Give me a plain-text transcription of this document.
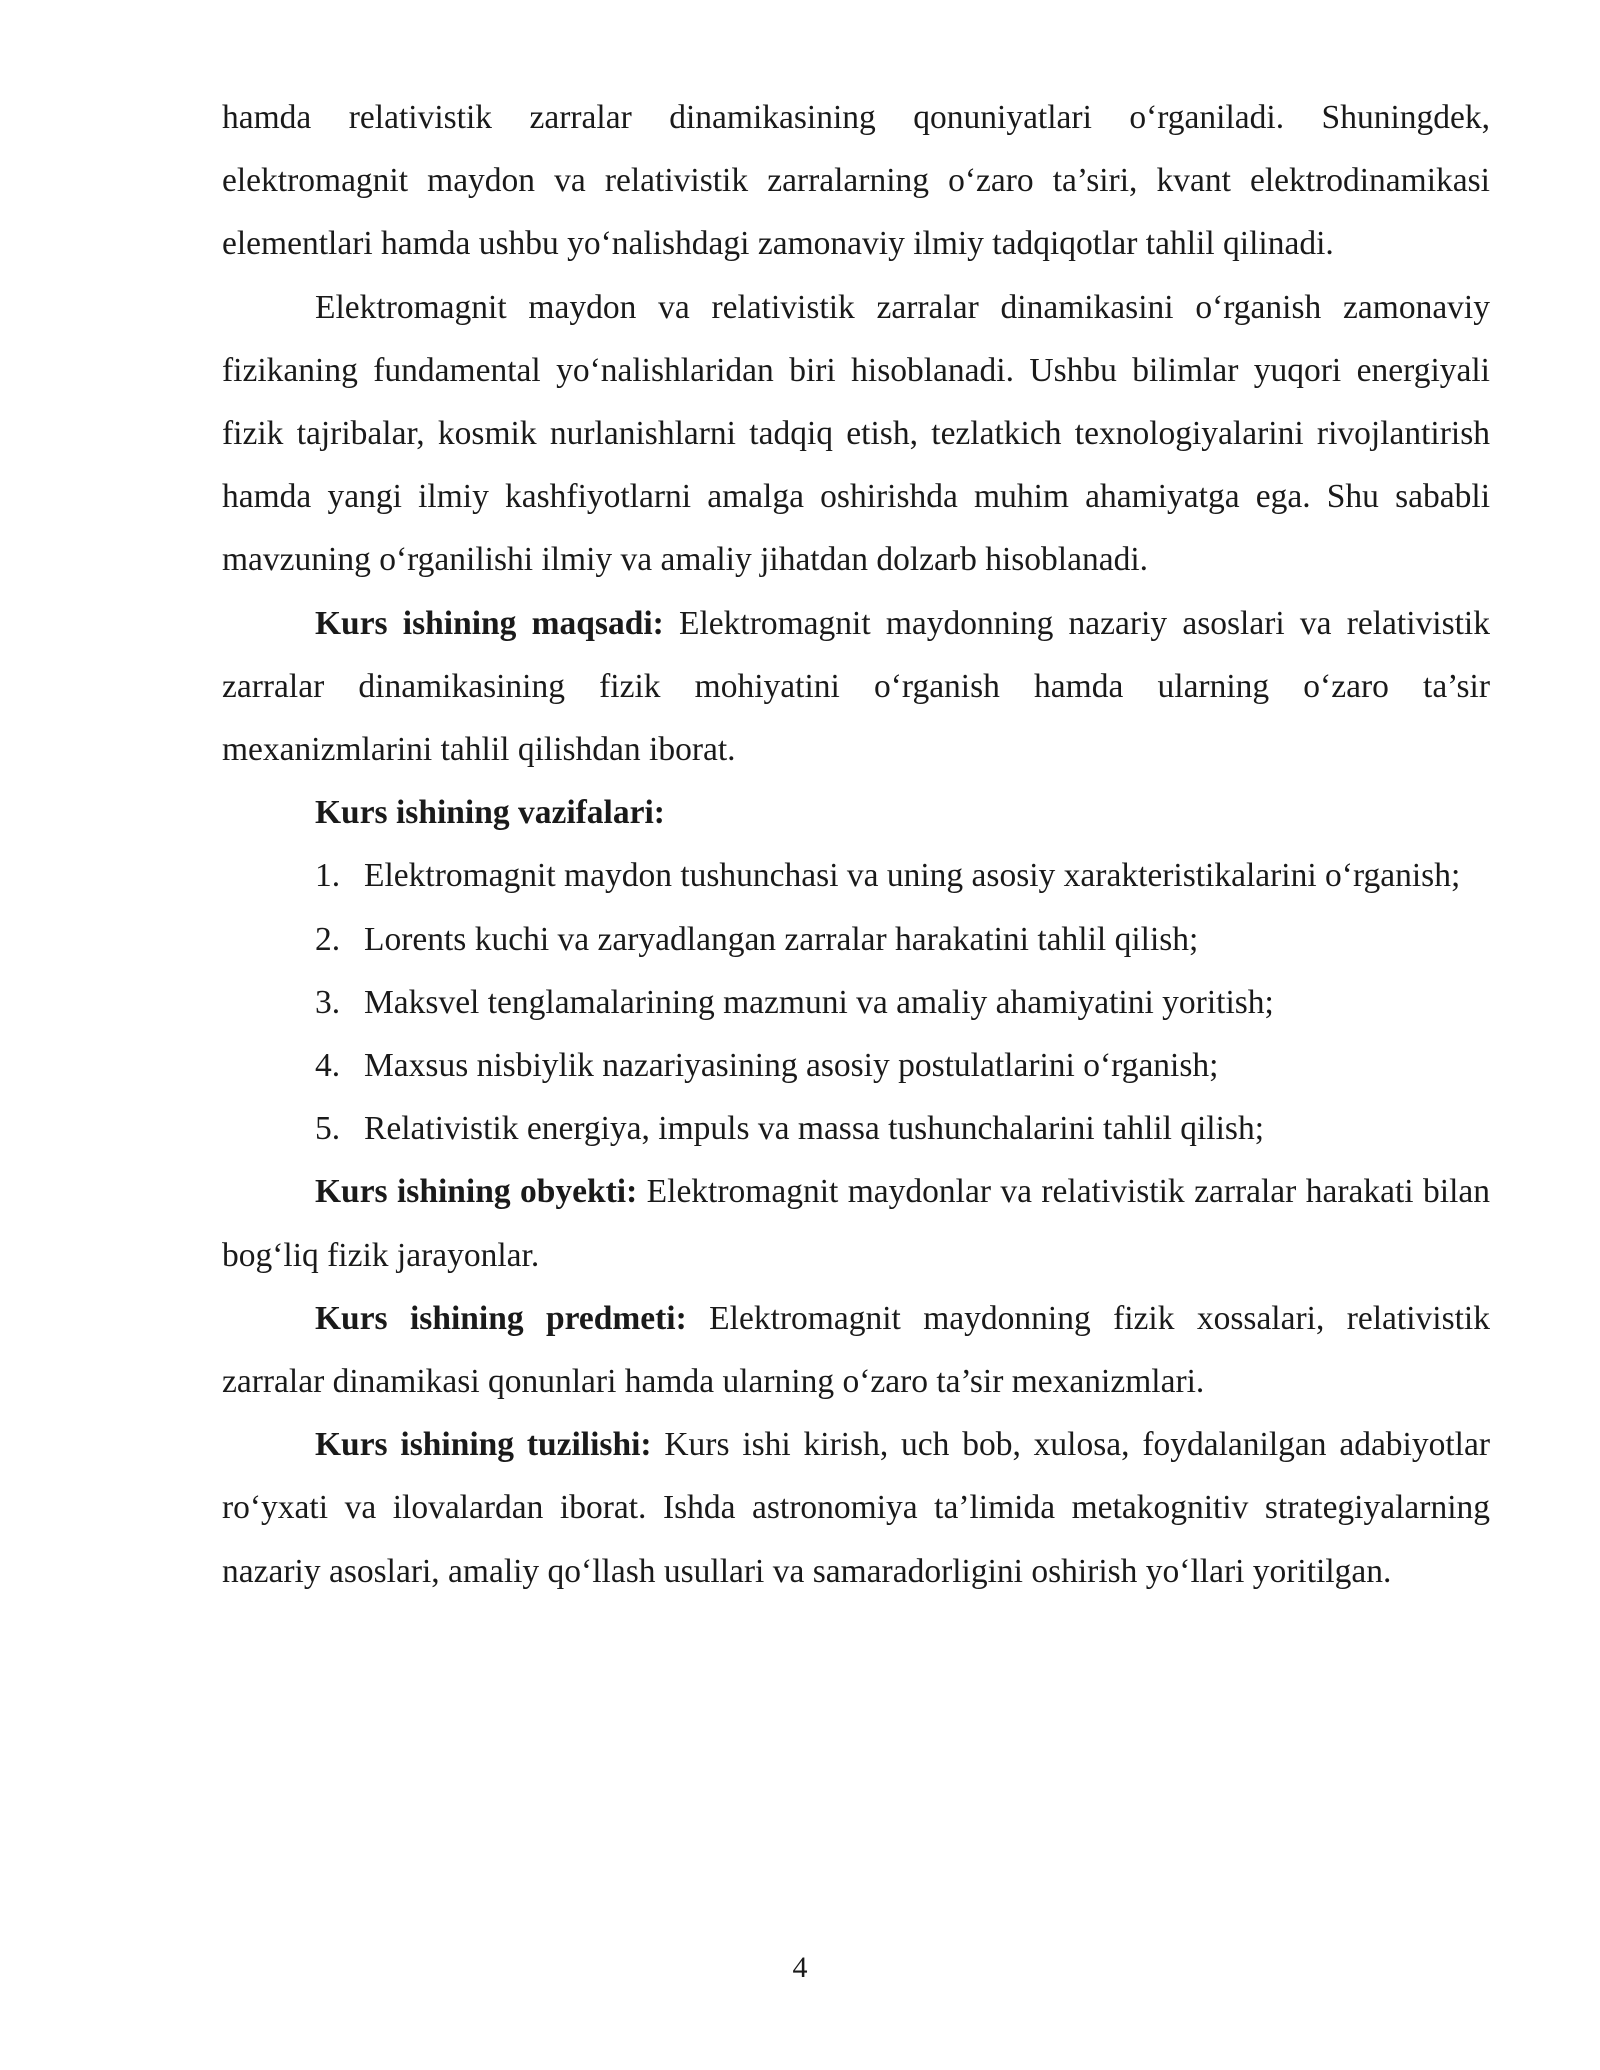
hamda relativistik zarralar dinamikasining qonuniyatlari o‘rganiladi. Shuningdek, elektromagnit maydon va relativistik zarralarning o‘zaro ta’siri, kvant elektrodinamikasi elementlari hamda ushbu yo‘nalishdagi zamonaviy ilmiy tadqiqotlar tahlil qilinadi.

Elektromagnit maydon va relativistik zarralar dinamikasini o‘rganish zamonaviy fizikaning fundamental yo‘nalishlaridan biri hisoblanadi. Ushbu bilimlar yuqori energiyali fizik tajribalar, kosmik nurlanishlarni tadqiq etish, tezlatkich texnologiyalarini rivojlantirish hamda yangi ilmiy kashfiyotlarni amalga oshirishda muhim ahamiyatga ega. Shu sababli mavzuning o‘rganilishi ilmiy va amaliy jihatdan dolzarb hisoblanadi.

Kurs ishining maqsadi: Elektromagnit maydonning nazariy asoslari va relativistik zarralar dinamikasining fizik mohiyatini o‘rganish hamda ularning o‘zaro ta’sir mexanizmlarini tahlil qilishdan iborat.

Kurs ishining vazifalari:

1. Elektromagnit maydon tushunchasi va uning asosiy xarakteristikalarini o‘rganish;
2. Lorents kuchi va zaryadlangan zarralar harakatini tahlil qilish;
3. Maksvel tenglamalarining mazmuni va amaliy ahamiyatini yoritish;
4. Maxsus nisbiylik nazariyasining asosiy postulatlarini o‘rganish;
5. Relativistik energiya, impuls va massa tushunchalarini tahlil qilish;

Kurs ishining obyekti: Elektromagnit maydonlar va relativistik zarralar harakati bilan bog‘liq fizik jarayonlar.

Kurs ishining predmeti: Elektromagnit maydonning fizik xossalari, relativistik zarralar dinamikasi qonunlari hamda ularning o‘zaro ta’sir mexanizmlari.

Kurs ishining tuzilishi: Kurs ishi kirish, uch bob, xulosa, foydalanilgan adabiyotlar ro‘yxati va ilovalardan iborat. Ishda astronomiya ta’limida metakognitiv strategiyalarning nazariy asoslari, amaliy qo‘llash usullari va samaradorligini oshirish yo‘llari yoritilgan.

4
